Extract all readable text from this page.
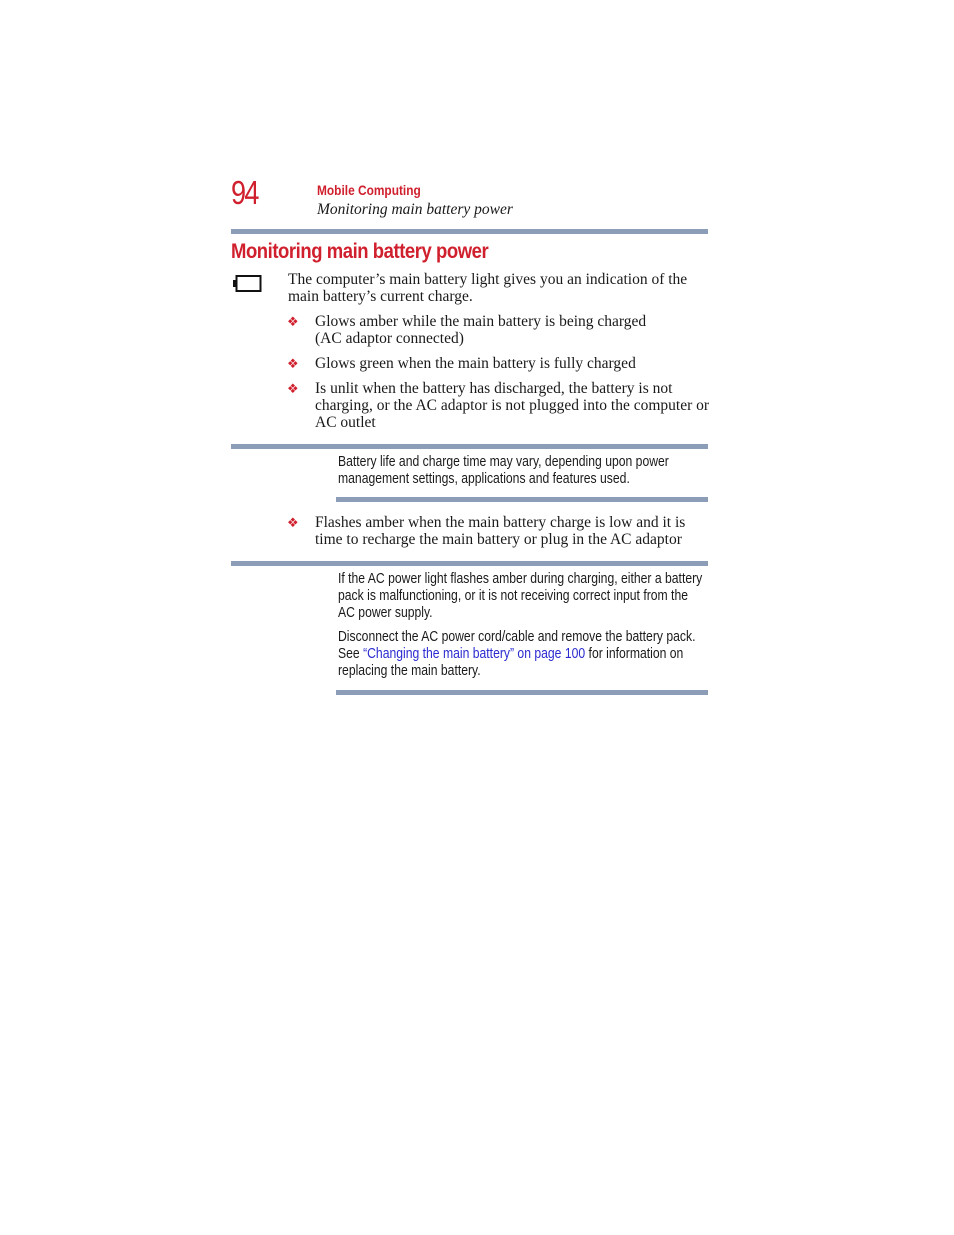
94	Mobile Computing
Monitoring main battery power
Monitoring main battery power
The computer’s main battery light gives you an indication of the main battery’s current charge.
❖ Glows amber while the main battery is being charged (AC adaptor connected)
❖ Glows green when the main battery is fully charged
❖ Is unlit when the battery has discharged, the battery is not charging, or the AC adaptor is not plugged into the computer or AC outlet
Battery life and charge time may vary, depending upon power management settings, applications and features used.
❖ Flashes amber when the main battery charge is low and it is time to recharge the main battery or plug in the AC adaptor
If the AC power light flashes amber during charging, either a battery pack is malfunctioning, or it is not receiving correct input from the AC power supply.
Disconnect the AC power cord/cable and remove the battery pack. See “Changing the main battery” on page 100 for information on replacing the main battery.
